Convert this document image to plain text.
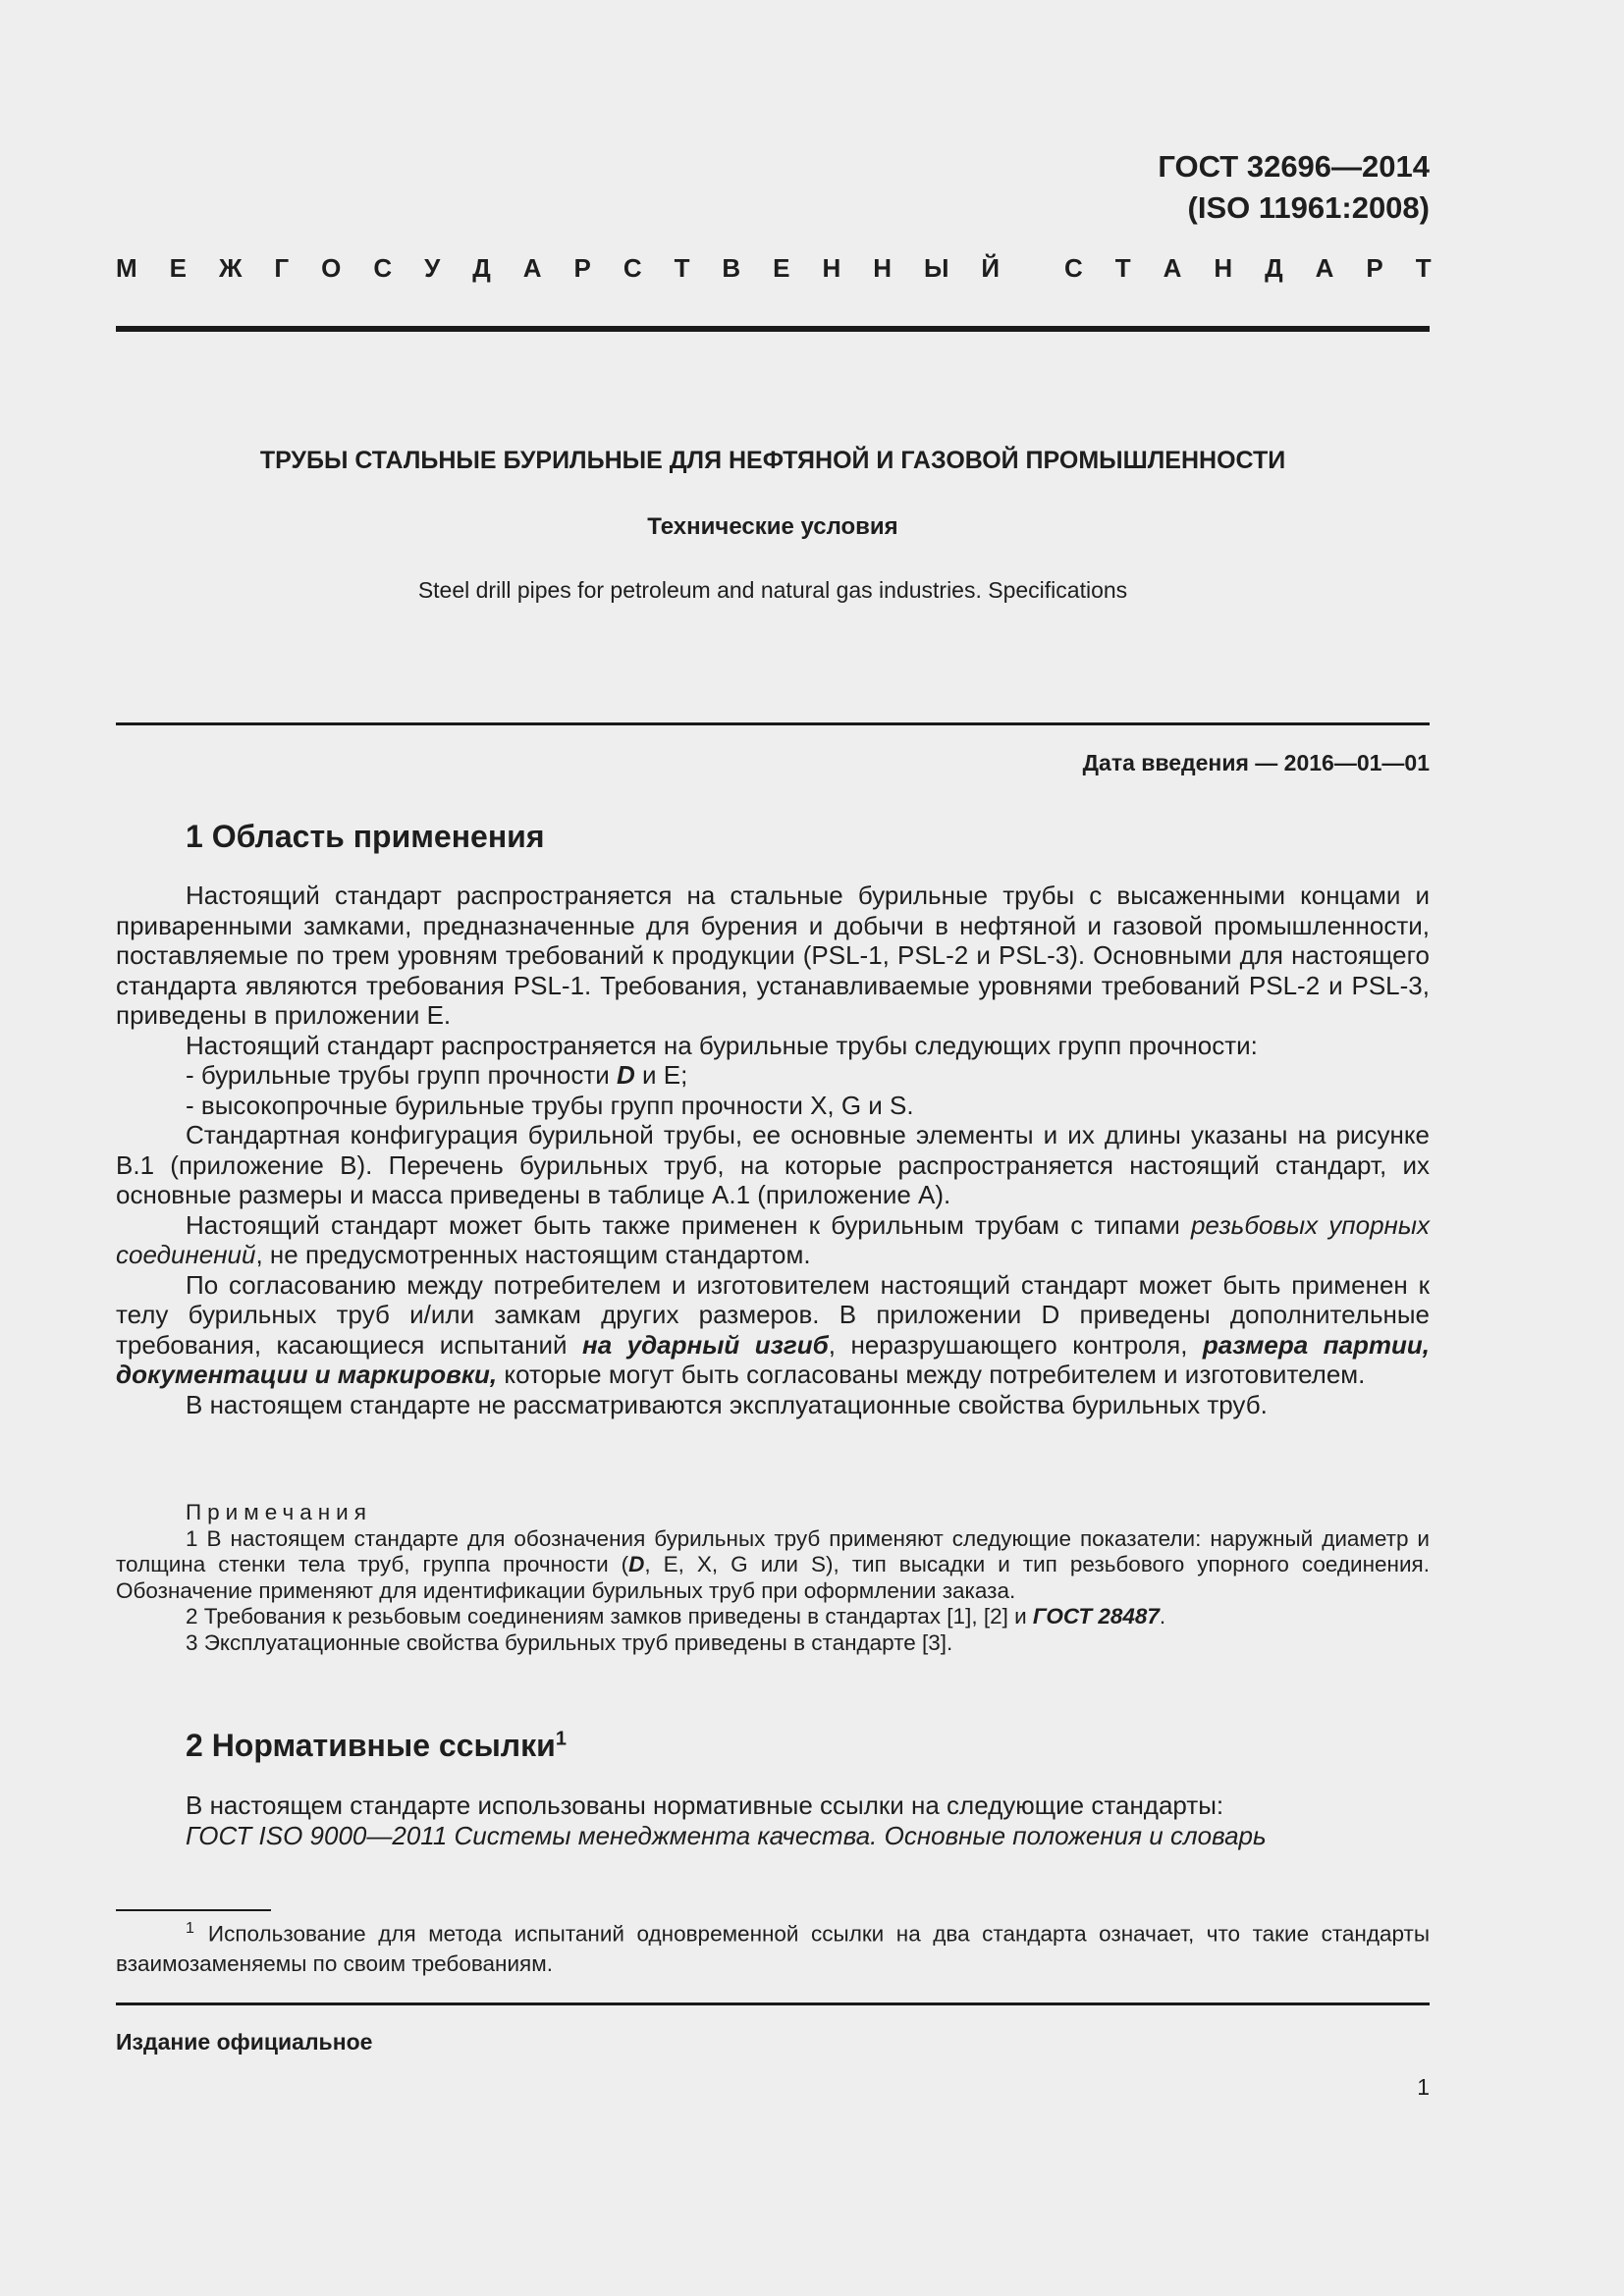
ГОСТ 32696—2014
(ISO 11961:2008)
М Е Ж Г О С У Д А Р С Т В Е Н Н Ы Й	С Т А Н Д А Р Т
ТРУБЫ СТАЛЬНЫЕ БУРИЛЬНЫЕ ДЛЯ НЕФТЯНОЙ И ГАЗОВОЙ ПРОМЫШЛЕННОСТИ
Технические условия
Steel drill pipes for petroleum and natural gas industries. Specifications
Дата введения — 2016—01—01
1 Область применения

Настоящий стандарт распространяется на стальные бурильные трубы с высаженными концами и приваренными замками, предназначенные для бурения и добычи в нефтяной и газовой промышленности, поставляемые по трем уровням требований к продукции (PSL-1, PSL-2 и PSL-3). Основными для настоящего стандарта являются требования PSL-1. Требования, устанавливаемые уровнями требований PSL-2 и PSL-3, приведены в приложении Е.

Настоящий стандарт распространяется на бурильные трубы следующих групп прочности:

- бурильные трубы групп прочности D и Е;

- высокопрочные бурильные трубы групп прочности X, G и S.

Стандартная конфигурация бурильной трубы, ее основные элементы и их длины указаны на рисунке В.1 (приложение В). Перечень бурильных труб, на которые распространяется настоящий стандарт, их основные размеры и масса приведены в таблице А.1 (приложение А).

Настоящий стандарт может быть также применен к бурильным трубам с типами резьбовых упорных соединений, не предусмотренных настоящим стандартом.

По согласованию между потребителем и изготовителем настоящий стандарт может быть применен к телу бурильных труб и/или замкам других размеров. В приложении D приведены дополнительные требования, касающиеся испытаний на ударный изгиб, неразрушающего контроля, размера партии, документации и маркировки, которые могут быть согласованы между потребителем и изготовителем.

В настоящем стандарте не рассматриваются эксплуатационные свойства бурильных труб.

Примечания

1 В настоящем стандарте для обозначения бурильных труб применяют следующие показатели: наружный диаметр и толщина стенки тела труб, группа прочности (D, Е, X, G или S), тип высадки и тип резьбового упорного соединения. Обозначение применяют для идентификации бурильных труб при оформлении заказа.

2 Требования к резьбовым соединениям замков приведены в стандартах [1], [2] и ГОСТ 28487.

3 Эксплуатационные свойства бурильных труб приведены в стандарте [3].

2 Нормативные ссылки$^1$

В настоящем стандарте использованы нормативные ссылки на следующие стандарты:

ГОСТ ISO 9000—2011 Системы менеджмента качества. Основные положения и словарь

$^1$ Использование для метода испытаний одновременной ссылки на два стандарта означает, что такие стандарты взаимозаменяемы по своим требованиям.

Издание официальное
1
